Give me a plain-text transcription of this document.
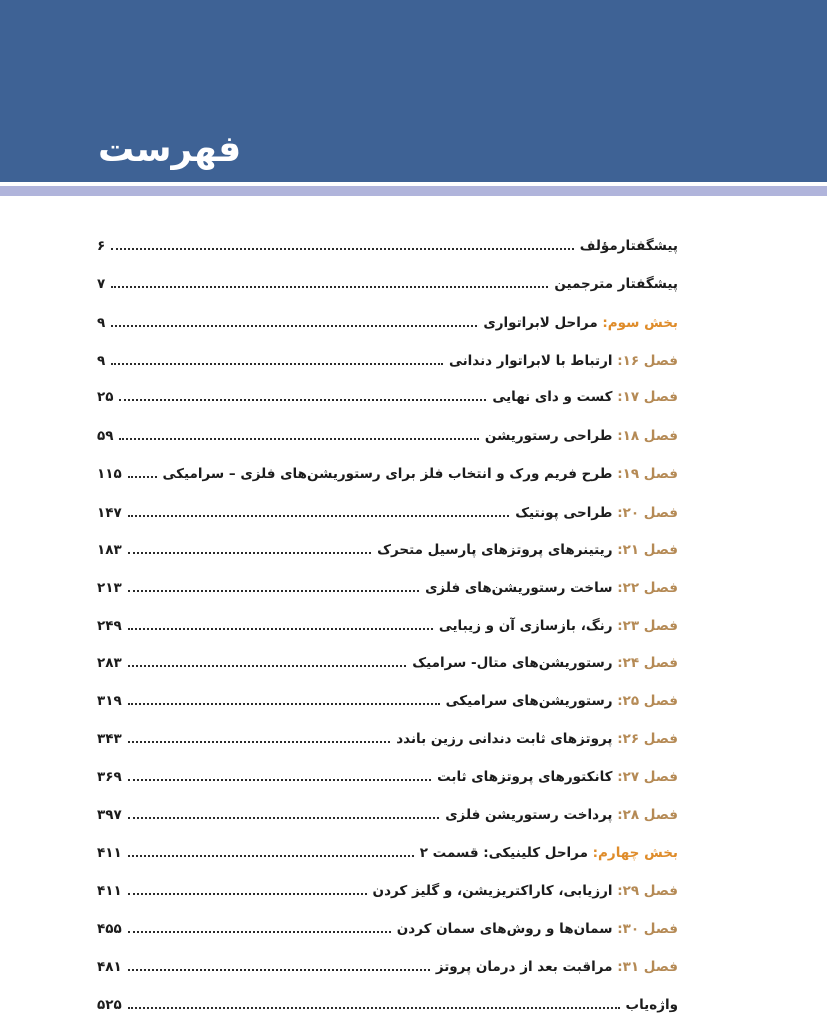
فهرست
پیشگفتارمؤلف
۶
پیشگفتار مترجمین
۷
بخش سوم: مراحل لابراتواری
۹
فصل ۱۶: ارتباط با لابراتوار دندانی
۹
فصل ۱۷: کست و دای نهایی
۲۵
فصل ۱۸: طراحی رستوریشن
۵۹
فصل ۱۹: طرح فریم ورک و انتخاب فلز برای رستوریشن‌های فلزی – سرامیکی
۱۱۵
فصل ۲۰: طراحی پونتیک
۱۴۷
فصل ۲۱: ریتینرهای پروتزهای پارسیل متحرک
۱۸۳
فصل ۲۲: ساخت رستوریشن‌های فلزی
۲۱۳
فصل ۲۳: رنگ، بازسازی آن و زیبایی
۲۴۹
فصل ۲۴: رستوریشن‌های متال- سرامیک
۲۸۳
فصل ۲۵: رستوریشن‌های سرامیکی
۳۱۹
فصل ۲۶: پروتزهای ثابت دندانی رزین باندد
۳۴۳
فصل ۲۷: کانکتورهای پروتزهای ثابت
۳۶۹
فصل ۲۸: پرداخت رستوریشن فلزی
۳۹۷
بخش چهارم: مراحل کلینیکی: قسمت ۲
۴۱۱
فصل ۲۹: ارزیابی، کاراکتریزیشن، و گلیز کردن
۴۱۱
فصل ۳۰: سمان‌ها و روش‌های سمان کردن
۴۵۵
فصل ۳۱: مراقبت بعد از درمان پروتز
۴۸۱
واژه‌یاب
۵۲۵
